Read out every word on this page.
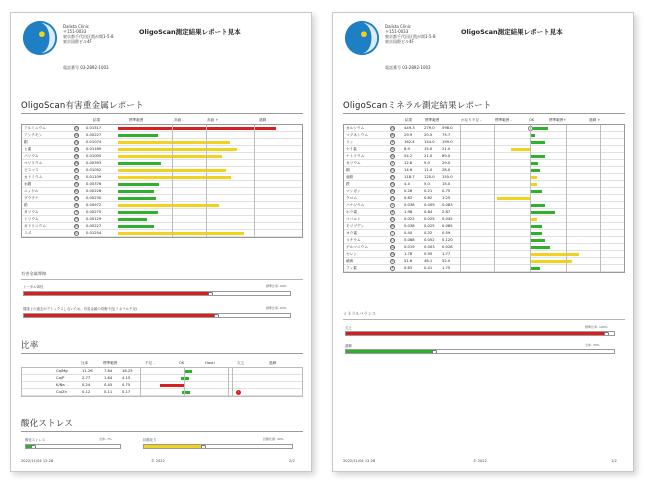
Dalista Clinic
〒151-0033
東京都千代田区霞が関1-5-8
東京国際ビル4F
OligoScan測定結果レポート見本
電話番号 03-2892-1003
OligoScan有害重金属レポート
結果	標準範囲	高値 -	高値 +	過剰
アルミニウム	Al	0.01517
アンチモン	Sb 0.00227
銀	Ag 0.01074
ヒ素	As 0.01189
バリウム	Ba 0.01005
ベリリウム	Be 0.00393
ビスマス	Bi	0.01052
カドミウム	Cd 0.01109
水銀	Hg 0.00376
ニッケル	Ni	0.00226
プラチナ	Pt	0.00230
鉛	Pb 0.00972
タリウム	Tl	0.00275
トリウム	Th 0.00129
ガドリニウム	Gd 0.00227
スズ	Sn 0.01254
有害金属摩擦
比率
比率	標準範囲	不足 -	OK	Hauti	欠乏	過剰
Ca/Mg	11.26	7.84	18.25
Ca/P	2.77	1.64	4.15
K/Na	0.24	0.45	0.75
Cu/Zn	0.12	0.11	0.17	!
酸化ストレス
2022/11/04 12:28	© 2022	2/2
トータル毒性	標準比率: 94%
健康上の過去がデトックスしないため、有害金属の均衡不良(ミネラル不足)	標準比率: 93%
酸化ストレス	全体: 7%	抗酸化力	抗酸化値: 40%
Dalista Clinic
〒151-0033
東京都千代田区霞が関1-5-8
東京国際ビル4F
OligoScan測定結果レポート見本
電話番号 03-2892-1003
OligoScanミネラル測定結果レポート
結果	標準範囲	かなり不足 -	標準範囲 -	OK	標準範囲+	過剰 +
カルシウム	Ca	449.3	279.0 598.0
マグネシウム	Mg 29.9	20.5	75.7
リン	P	162.4	144.0 199.0
ケイ素	Si	8.9	15.0	21.0
ナトリウム	Na	54.2	21.0	89.0
カリウム	K	12.8	9.0	29.0
銅	Cu	14.6	11.0	28.0
亜鉛	Zn	118.7	125.0 155.0
鉄	Fe	4.4	5.0	15.0
マンガン	Mn 0.28	0.21	0.75
クロム	Cr	0.62	0.82	1.25
バナジウム	V	0.038	0.009 0.083
ホウ素	B	1.98	0.84	2.87
コバルト	Co	0.022	0.025 0.045
モリブデン	Mo 0.038	0.025 0.085
ヨウ素	I	0.40	0.32	0.59
リチウム	Li	0.088	0.052 0.120
ゲルマニウム	Ge	0.019	0.003 0.028
セレン	Se	1.78	0.95	1.77
硫黄	S	51.6	48.1	52.0
フッ素	F	0.63	0.41	1.75
ミネラルバランス
2022/11/04 12:28	© 2022	1/2
欠乏	標準比率: 100%
過剰	全体: 33%
